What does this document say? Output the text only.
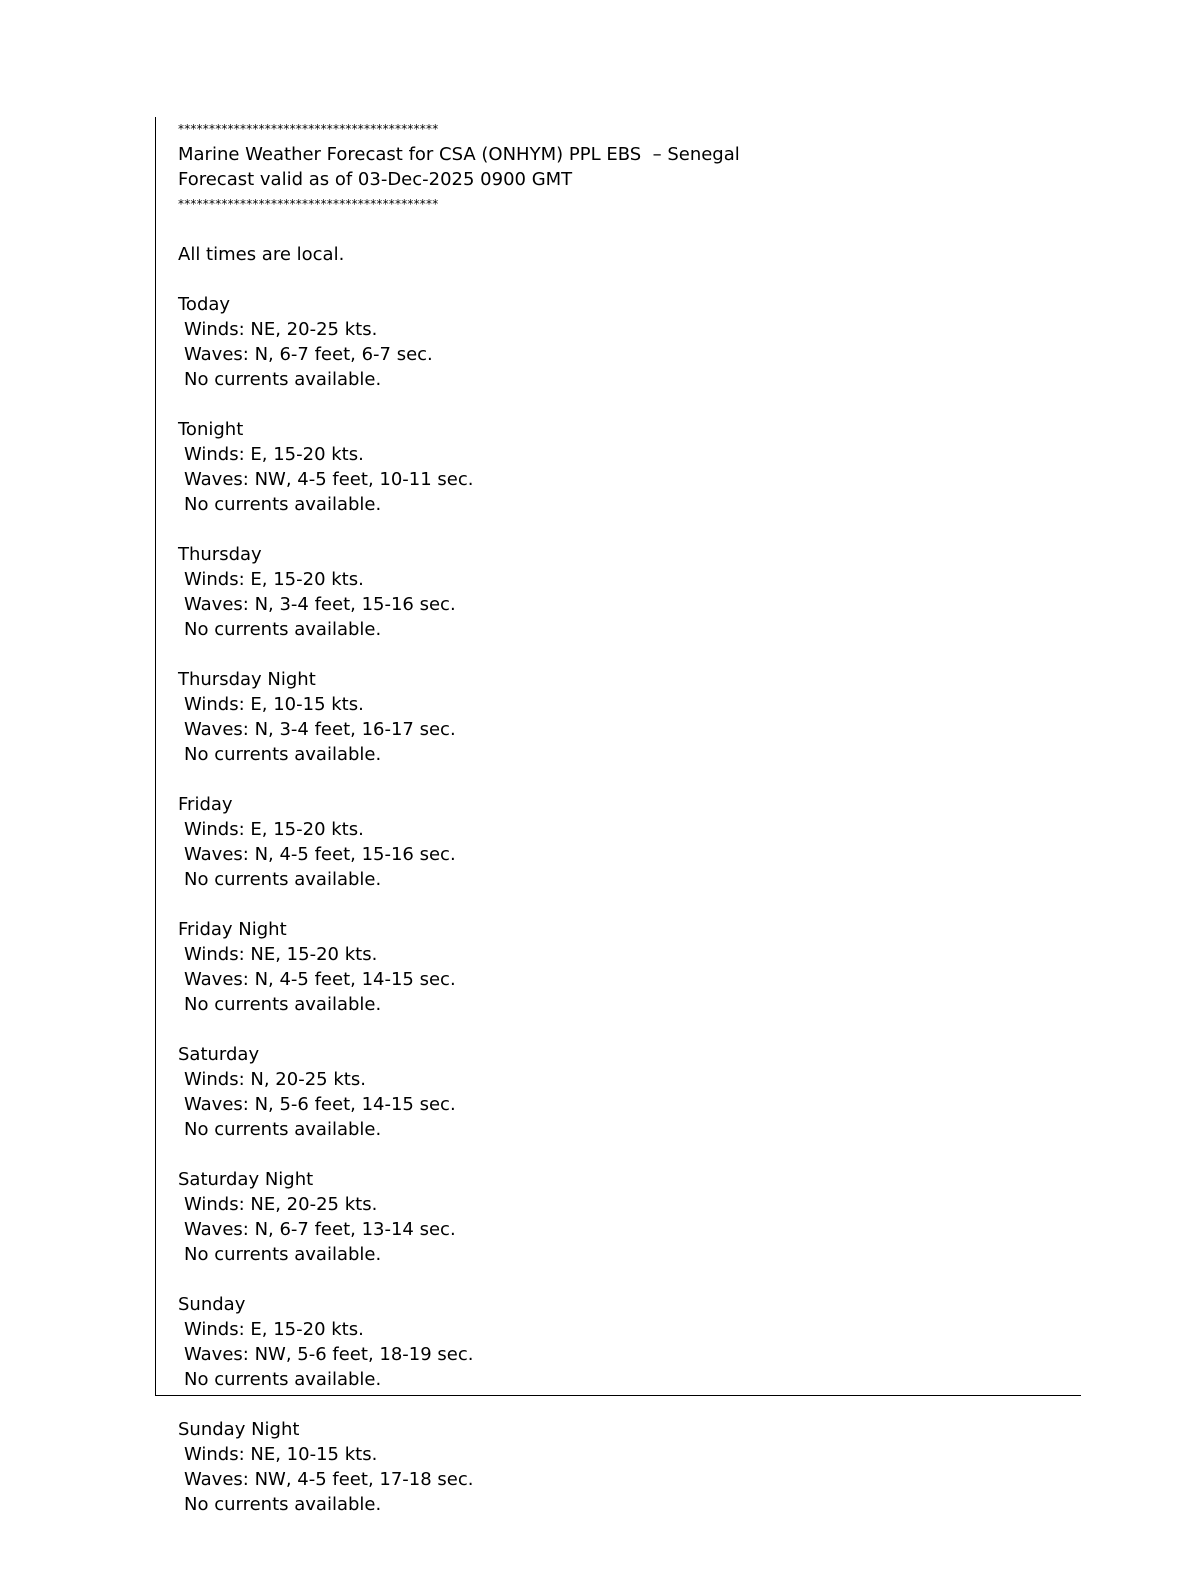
******************************************
Marine Weather Forecast for CSA (ONHYM) PPL EBS  – Senegal
Forecast valid as of 03-Dec-2025 0900 GMT
******************************************
All times are local.
Today
Winds: NE, 20-25 kts.
Waves: N, 6-7 feet, 6-7 sec.
No currents available.
Tonight
Winds: E, 15-20 kts.
Waves: NW, 4-5 feet, 10-11 sec.
No currents available.
Thursday
Winds: E, 15-20 kts.
Waves: N, 3-4 feet, 15-16 sec.
No currents available.
Thursday Night
Winds: E, 10-15 kts.
Waves: N, 3-4 feet, 16-17 sec.
No currents available.
Friday
Winds: E, 15-20 kts.
Waves: N, 4-5 feet, 15-16 sec.
No currents available.
Friday Night
Winds: NE, 15-20 kts.
Waves: N, 4-5 feet, 14-15 sec.
No currents available.
Saturday
Winds: N, 20-25 kts.
Waves: N, 5-6 feet, 14-15 sec.
No currents available.
Saturday Night
Winds: NE, 20-25 kts.
Waves: N, 6-7 feet, 13-14 sec.
No currents available.
Sunday
Winds: E, 15-20 kts.
Waves: NW, 5-6 feet, 18-19 sec.
No currents available.
Sunday Night
Winds: NE, 10-15 kts.
Waves: NW, 4-5 feet, 17-18 sec.
No currents available.
